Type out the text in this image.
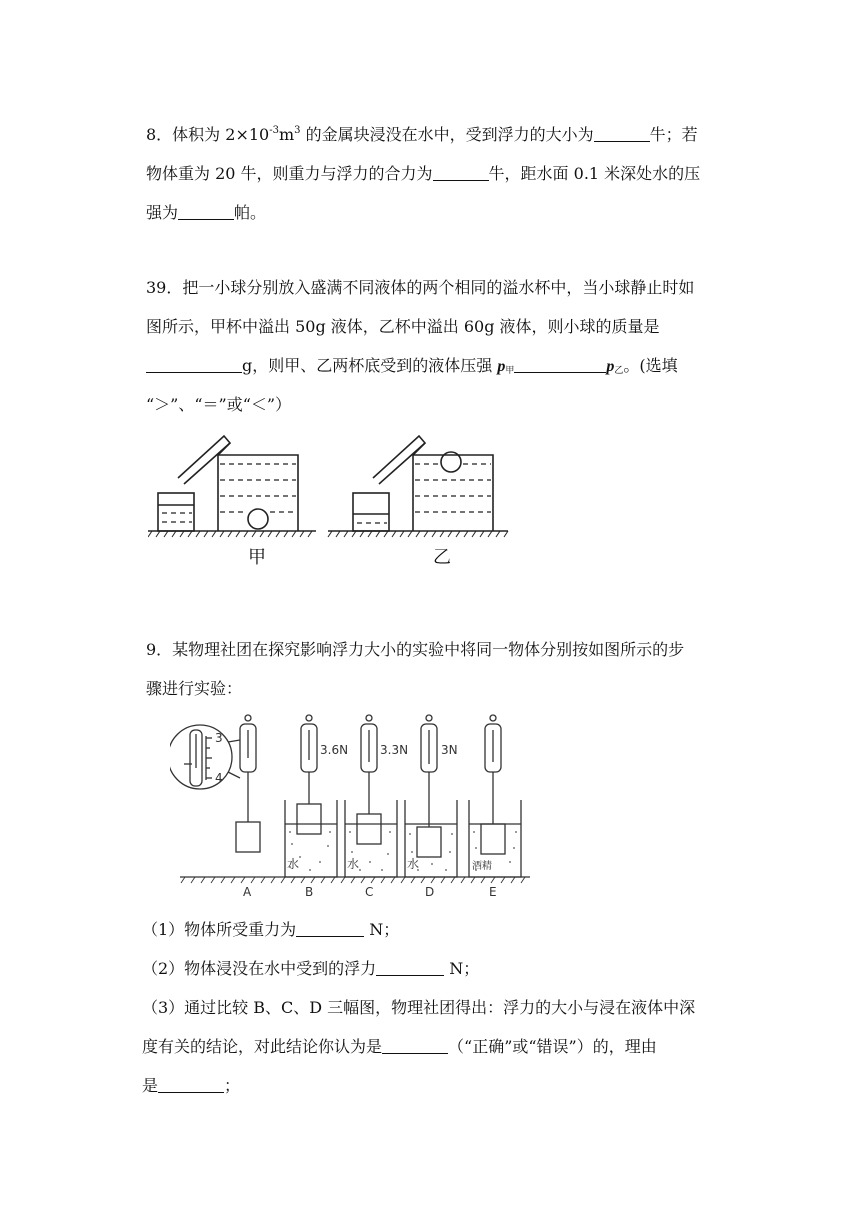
8．体积为 $2\times 10^{-3}m^3$ 的金属块浸没在水中，受到浮力的大小为	牛；若
物体重为 20 牛，则重力与浮力的合力为	牛，距水面 0.1 米深处水的压
强为	帕。
39．把一小球分别放入盛满不同液体的两个相同的溢水杯中，当小球静止时如
图所示，甲杯中溢出 50g 液体，乙杯中溢出 60g 液体，则小球的质量是
g，则甲、乙两杯底受到的液体压强 $p_甲$	$p_乙$。(选填
“＞”、“＝”或“＜”）
甲	乙
9．某物理社团在探究影响浮力大小的实验中将同一物体分别按如图所示的步
骤进行实验：
3
4
3.6N	3.3N	3N
水	水	水	酒精
A	B	C	D	E
（1）物体所受重力为	N；
（2）物体浸没在水中受到的浮力	N；
（3）通过比较 B、C、D 三幅图，物理社团得出：浮力的大小与浸在液体中深
度有关的结论，对此结论你认为是	（“正确”或“错误”）的，理由
是	；
